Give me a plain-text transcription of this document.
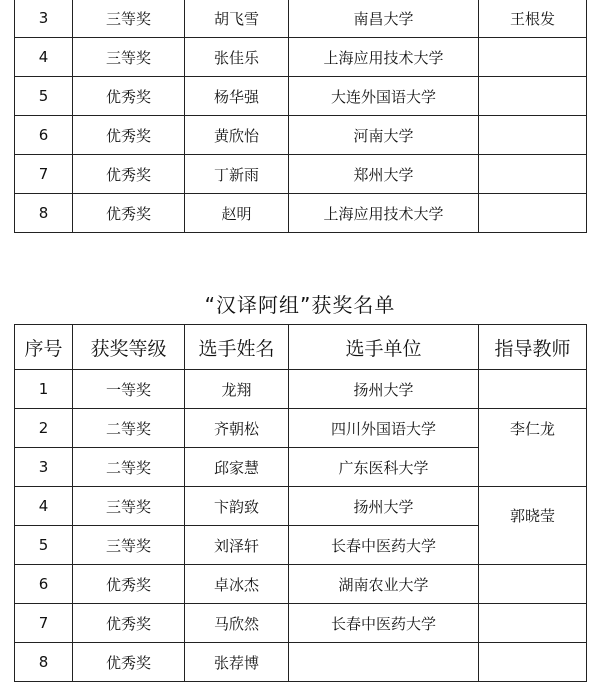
3	三等奖	胡飞雪	南昌大学	王根发
4	三等奖	张佳乐	上海应用技术大学	
5	优秀奖	杨华强	大连外国语大学	
6	优秀奖	黄欣怡	河南大学	
7	优秀奖	丁新雨	郑州大学	
8	优秀奖	赵明	上海应用技术大学	
“汉译阿组”获奖名单
序号	获奖等级	选手姓名	选手单位	指导教师
1	一等奖	龙翔	扬州大学	
2	二等奖	齐朝松	四川外国语大学	李仁龙
3	二等奖	邱家慧	广东医科大学	
4	三等奖	卞韵致	扬州大学	郭晓莹
5	三等奖	刘泽轩	长春中医药大学	
6	优秀奖	卓冰杰	湖南农业大学	
7	优秀奖	马欣然	长春中医药大学	
8	优秀奖	张荐博		
